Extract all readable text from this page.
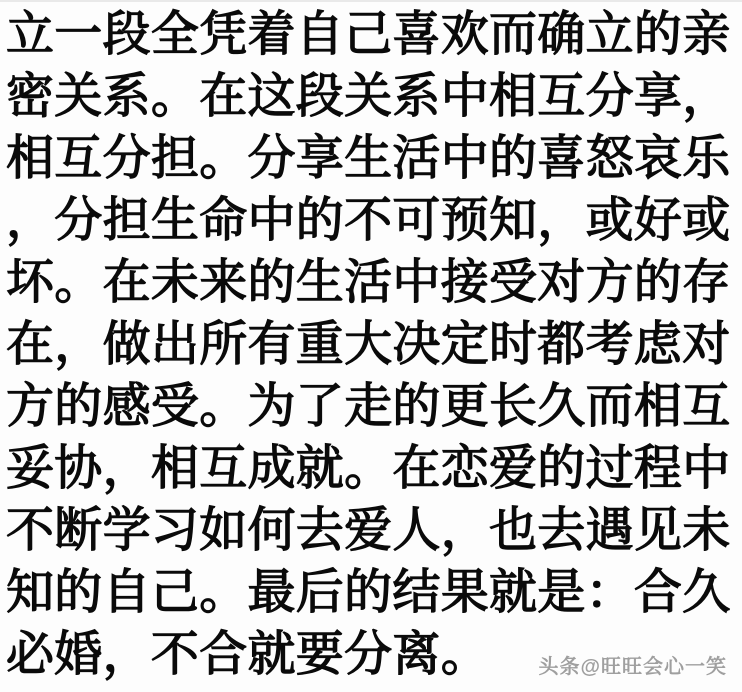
立一段全凭着自己喜欢而确立的亲
密关系。在这段关系中相互分享，
相互分担。分享生活中的喜怒哀乐
，分担生命中的不可预知，或好或
坏。在未来的生活中接受对方的存
在，做出所有重大决定时都考虑对
方的感受。为了走的更长久而相互
妥协，相互成就。在恋爱的过程中
不断学习如何去爱人，也去遇见未
知的自己。最后的结果就是：合久
必婚，不合就要分离。	头条@旺旺会心一笑
